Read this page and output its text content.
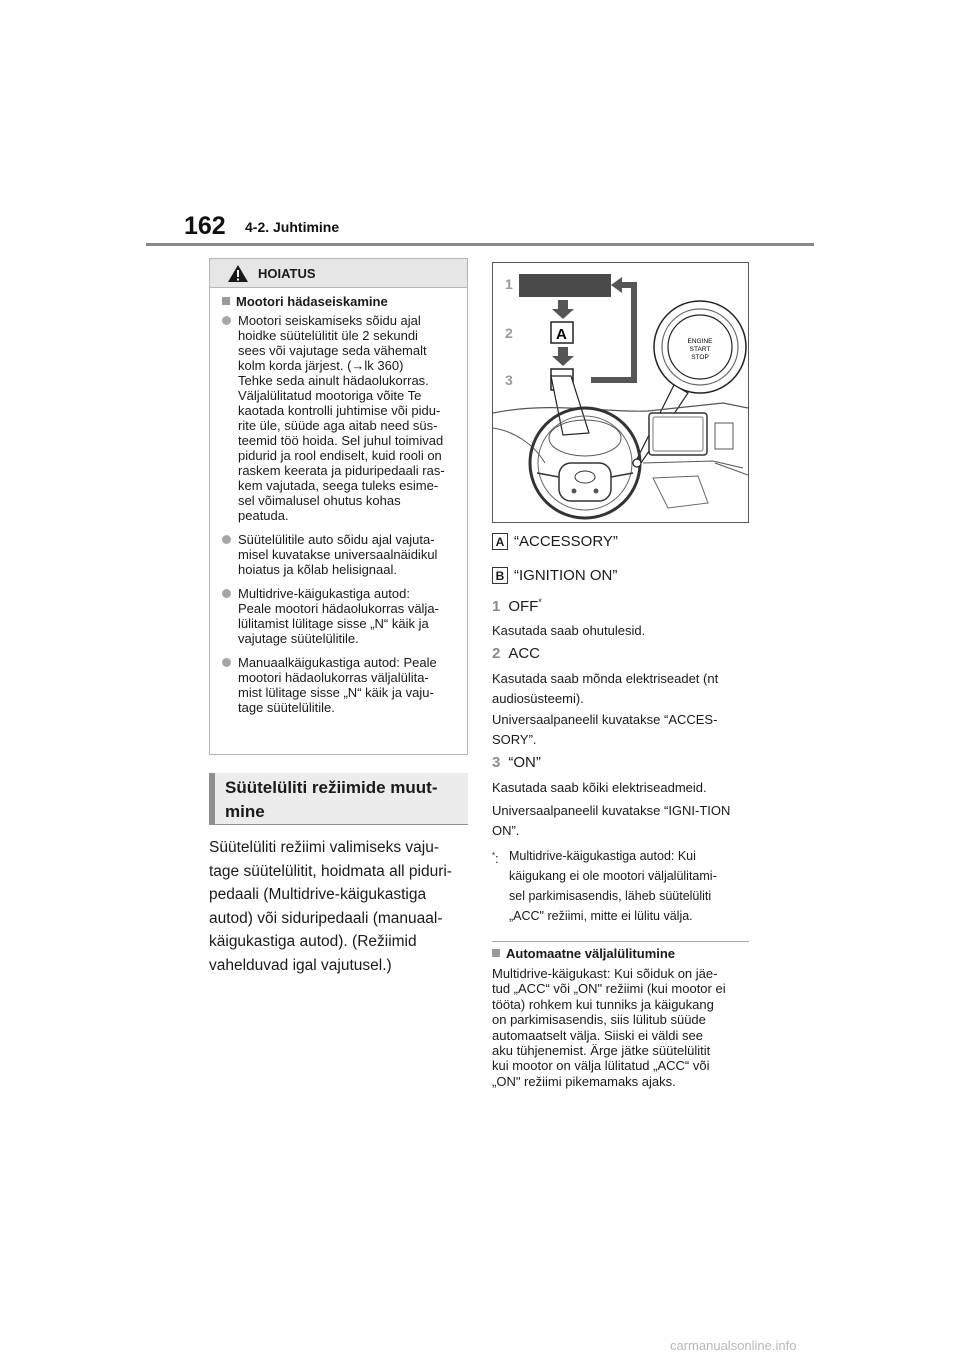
162 4-2. Juhtimine
HOIATUS
Mootori hädaseiskamine
Mootori seiskamiseks sõidu ajal
hoidke süütelülitit üle 2 sekundi
sees või vajutage seda vähemalt
kolm korda järjest. (→lk 360)
Tehke seda ainult hädaolukorras.
Väljalülitatud mootoriga võite Te
kaotada kontrolli juhtimise või pidu-
rite üle, süüde aga aitab need süs-
teemid töö hoida. Sel juhul toimivad
pidurid ja rool endiselt, kuid rooli on
raskem keerata ja piduripedaali ras-
kem vajutada, seega tuleks esime-
sel võimalusel ohutus kohas
peatuda.
Süütelülitile auto sõidu ajal vajuta-
misel kuvatakse universaalnäidikul
hoiatus ja kõlab helisignaal.
Multidrive-käigukastiga autod:
Peale mootori hädaolukorras välja-
lülitamist lülitage sisse „N“ käik ja
vajutage süütelülitile.
Manuaalkäigukastiga autod: Peale
mootori hädaolukorras väljalülita-
mist lülitage sisse „N“ käik ja vaju-
tage süütelülitile.
Süütelüliti režiimide muut-
mine
Süütelüliti režiimi valimiseks vaju-
tage süütelülitit, hoidmata all piduri-
pedaali (Multidrive-käigukastiga
autod) või siduripedaali (manuaal-
käigukastiga autod). (Režiimid
vahelduvad igal vajutusel.)
1
2
3
A	ENGINE
START
STOP
A “ACCESSORY”
B “IGNITION ON”
1 OFF*
Kasutada saab ohutulesid.
2 ACC
Kasutada saab mõnda elektriseadet (nt audiosüsteemi).
Universaalpaneelil kuvatakse “ACCES-SORY”.
3 “ON”
Kasutada saab kõiki elektriseadmeid.
Universaalpaneelil kuvatakse “IGNI-TION ON”.
*: Multidrive-käigukastiga autod: Kui
käigukang ei ole mootori väljalülitami-
sel parkimisasendis, läheb süütelüliti
„ACC" režiimi, mitte ei lülitu välja.
Automaatne väljalülitumine
Multidrive-käigukast: Kui sõiduk on jäe-
tud „ACC“ või „ON" režiimi (kui mootor ei
tööta) rohkem kui tunniks ja käigukang
on parkimisasendis, siis lülitub süüde
automaatselt välja. Siiski ei väldi see
aku tühjenemist. Ärge jätke süütelülitit
kui mootor on välja lülitatud „ACC“ või
„ON" režiimi pikemamaks ajaks.
carmanualsonline.info
